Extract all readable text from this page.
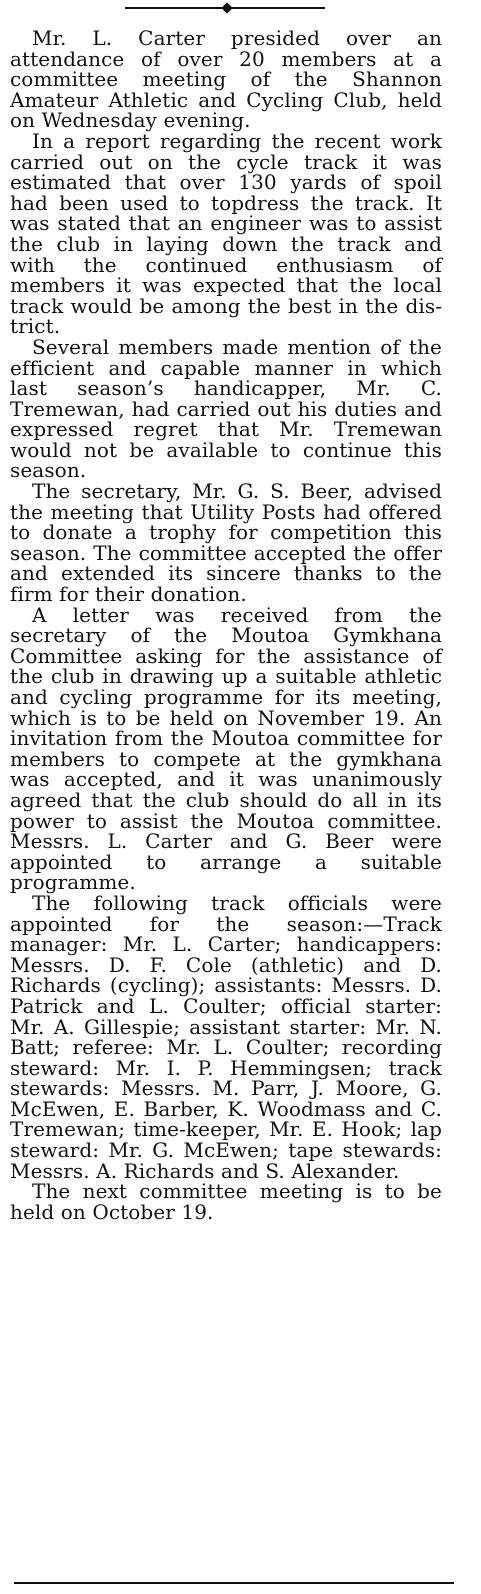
Mr. L. Carter presided over an attendance of over 20 members at a committee meeting of the Shannon Amateur Athletic and Cycling Club, held on Wednesday evening.

In a report regarding the recent work carried out on the cycle track it was estimated that over 130 yards of spoil had been used to topdress the track. It was stated that an engineer was to assist the club in laying down the track and with the continued enthusiasm of members it was expected that the local track would be among the best in the district.

Several members made mention of the efficient and capable manner in which last season’s handicapper, Mr. C. Tremewan, had carried out his duties and expressed regret that Mr. Tremewan would not be available to continue this season.

The secretary, Mr. G. S. Beer, advised the meeting that Utility Posts had offered to donate a trophy for competition this season. The committee accepted the offer and extended its sincere thanks to the firm for their donation.

A letter was received from the secretary of the Moutoa Gymkhana Committee asking for the assistance of the club in drawing up a suitable athletic and cycling programme for its meeting, which is to be held on November 19. An invitation from the Moutoa committee for members to compete at the gymkhana was accepted, and it was unanimously agreed that the club should do all in its power to assist the Moutoa committee. Messrs. L. Carter and G. Beer were appointed to arrange a suitable programme.

The following track officials were appointed for the season:—Track manager: Mr. L. Carter; handicappers: Messrs. D. F. Cole (athletic) and D. Richards (cycling); assistants: Messrs. D. Patrick and L. Coulter; official starter: Mr. A. Gillespie; assistant starter: Mr. N. Batt; referee: Mr. L. Coulter; recording steward: Mr. I. P. Hemmingsen; track stewards: Messrs. M. Parr, J. Moore, G. McEwen, E. Barber, K. Woodmass and C. Tremewan; time-keeper, Mr. E. Hook; lap steward: Mr. G. McEwen; tape stewards: Messrs. A. Richards and S. Alexander.

The next committee meeting is to be held on October 19.
